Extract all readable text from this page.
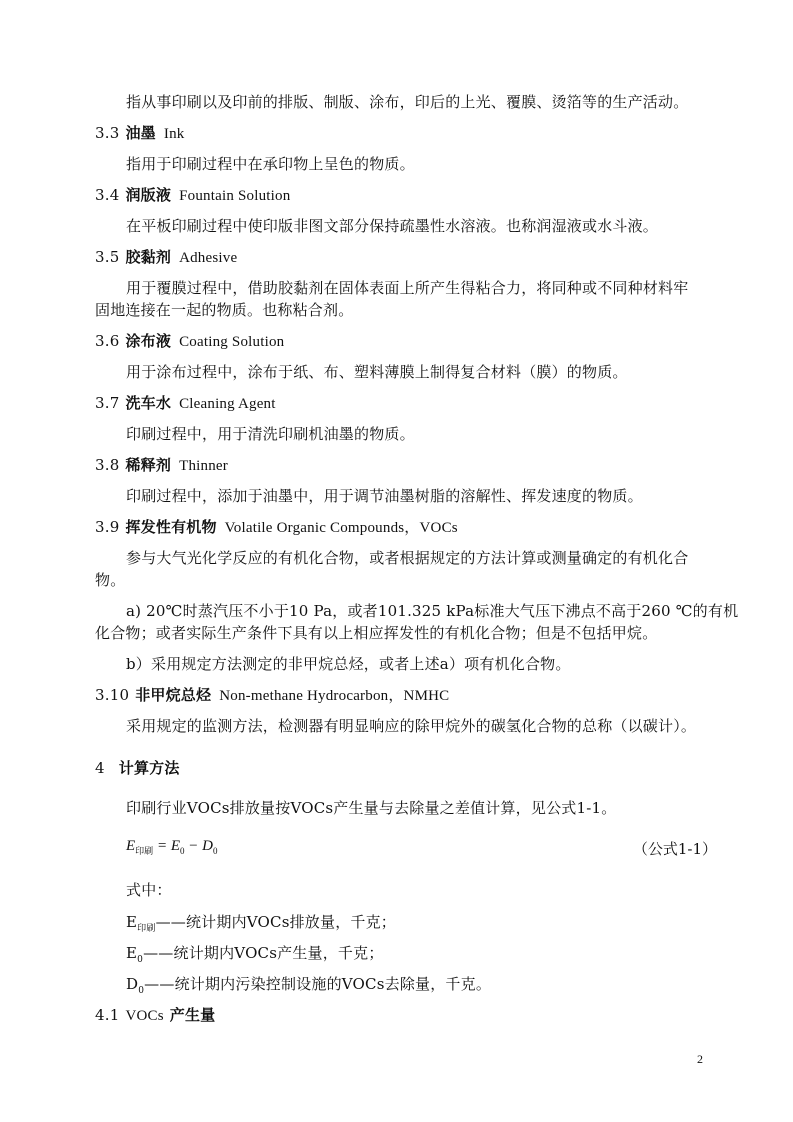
指从事印刷以及印前的排版、制版、涂布，印后的上光、覆膜、烫箔等的生产活动。
3.3 油墨 Ink
指用于印刷过程中在承印物上呈色的物质。
3.4 润版液 Fountain Solution
在平板印刷过程中使印版非图文部分保持疏墨性水溶液。也称润湿液或水斗液。
3.5 胶黏剂 Adhesive
用于覆膜过程中，借助胶黏剂在固体表面上所产生得粘合力，将同种或不同种材料牢
固地连接在一起的物质。也称粘合剂。
3.6 涂布液 Coating Solution
用于涂布过程中，涂布于纸、布、塑料薄膜上制得复合材料（膜）的物质。
3.7 洗车水 Cleaning Agent
印刷过程中，用于清洗印刷机油墨的物质。
3.8 稀释剂 Thinner
印刷过程中，添加于油墨中，用于调节油墨树脂的溶解性、挥发速度的物质。
3.9 挥发性有机物 Volatile Organic Compounds，VOCs
参与大气光化学反应的有机化合物，或者根据规定的方法计算或测量确定的有机化合
物。
a) 20℃时蒸汽压不小于10 Pa，或者101.325 kPa标准大气压下沸点不高于260 ℃的有机
化合物；或者实际生产条件下具有以上相应挥发性的有机化合物；但是不包括甲烷。
b）采用规定方法测定的非甲烷总烃，或者上述a）项有机化合物。
3.10 非甲烷总烃 Non-methane Hydrocarbon，NMHC
采用规定的监测方法，检测器有明显响应的除甲烷外的碳氢化合物的总称（以碳计）。
4 计算方法
印刷行业VOCs排放量按VOCs产生量与去除量之差值计算，见公式1-1。
$E_{印刷} = E_0 - D_0$	（公式1-1）
式中：
$E_{印刷}——$统计期内VOCs排放量，千克；
$E_0——$统计期内VOCs产生量，千克；
$D_0——$统计期内污染控制设施的VOCs去除量，千克。
4.1 VOCs 产生量
2
